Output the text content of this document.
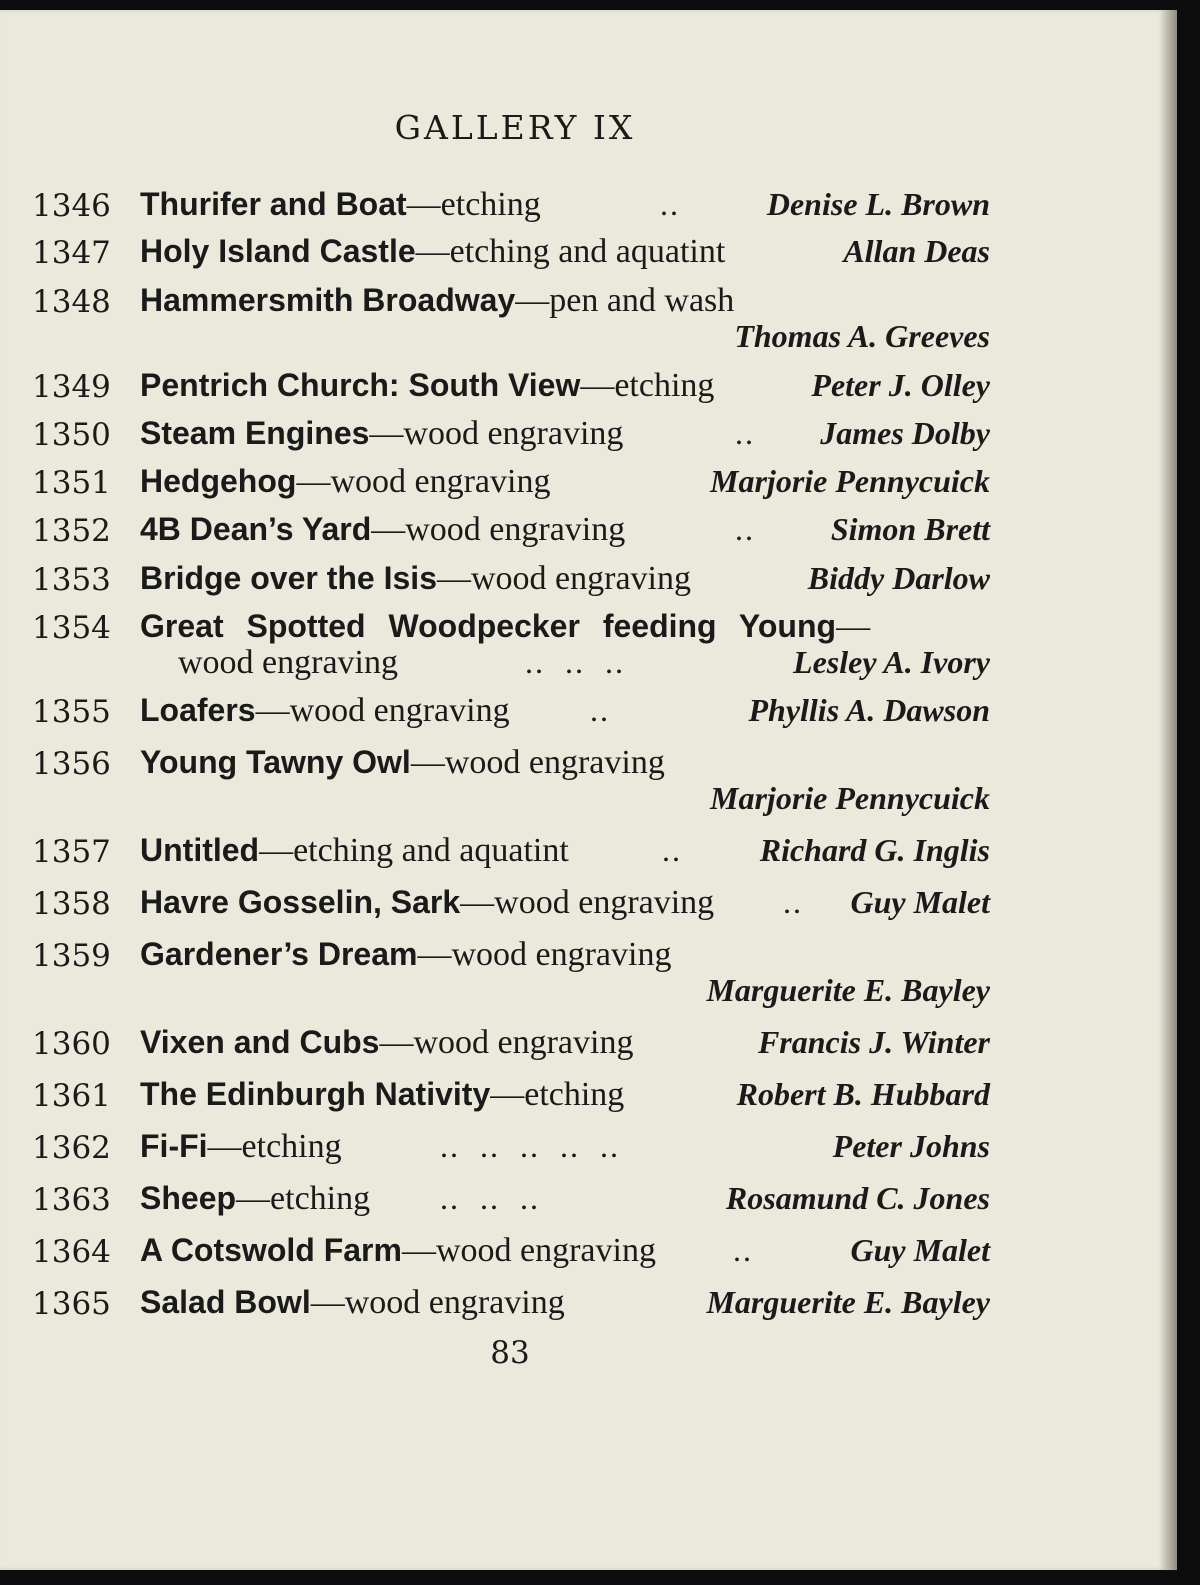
GALLERY IX
1346 Thurifer and Boat—etching	..	Denise L. Brown
1347 Holy Island Castle—etching and aquatint	Allan Deas
1348 Hammersmith Broadway—pen and wash
Thomas A. Greeves
1349 Pentrich Church: South View—etching	Peter J. Olley
1350 Steam Engines—wood engraving	.. James Dolby
1351 Hedgehog—wood engraving	Marjorie Pennycuick
1352 4B Dean’s Yard—wood engraving	.. Simon Brett
1353 Bridge over the Isis—wood engraving	Biddy Darlow
1354 Great Spotted Woodpecker feeding Young—
wood engraving	..  ..  ..	Lesley A. Ivory
1355 Loafers—wood engraving	..	Phyllis A. Dawson
1356 Young Tawny Owl—wood engraving
Marjorie Pennycuick
1357 Untitled—etching and aquatint	.. Richard G. Inglis
1358 Havre Gosselin, Sark—wood engraving	.. Guy Malet
1359 Gardener’s Dream—wood engraving
Marguerite E. Bayley
1360 Vixen and Cubs—wood engraving	Francis J. Winter
1361 The Edinburgh Nativity—etching	Robert B. Hubbard
1362 Fi-Fi—etching	..  ..  ..  ..  ..	Peter Johns
1363 Sheep—etching	..  ..  ..	Rosamund C. Jones
1364 A Cotswold Farm—wood engraving	..	Guy Malet
1365 Salad Bowl—wood engraving	Marguerite E. Bayley
83
